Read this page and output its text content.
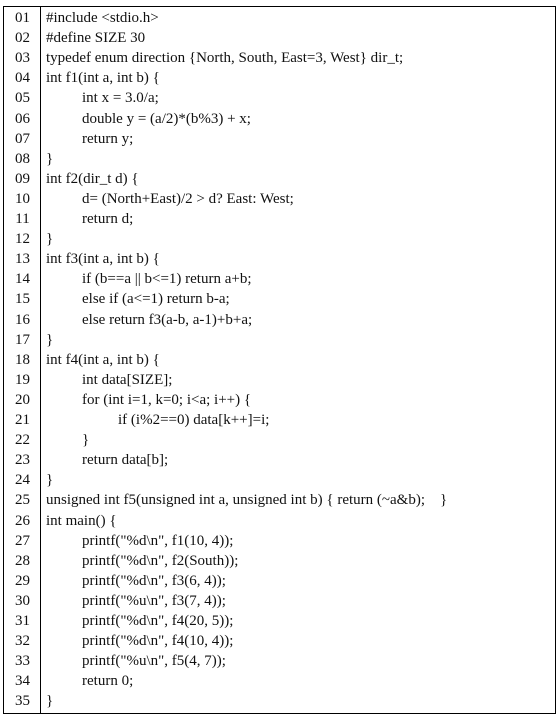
01
02
03
04
05
06
07
08
09
10
11
12
13
14
15
16
17
18
19
20
21
22
23
24
25
26
27
28
29
30
31
32
33
34
35
#include <stdio.h>
#define SIZE 30
typedef enum direction {North, South, East=3, West} dir_t;
int f1(int a, int b) {
int x = 3.0/a;
double y = (a/2)*(b%3) + x;
return y;
}
int f2(dir_t d) {
d= (North+East)/2 > d? East: West;
return d;
}
int f3(int a, int b) {
if (b==a || b<=1) return a+b;
else if (a<=1) return b-a;
else return f3(a-b, a-1)+b+a;
}
int f4(int a, int b) {
int data[SIZE];
for (int i=1, k=0; i<a; i++) {
if (i%2==0) data[k++]=i;
}
return data[b];
}
unsigned int f5(unsigned int a, unsigned int b) { return (~a&b);    }
int main() {
printf("%d\n", f1(10, 4));
printf("%d\n", f2(South));
printf("%d\n", f3(6, 4));
printf("%u\n", f3(7, 4));
printf("%d\n", f4(20, 5));
printf("%d\n", f4(10, 4));
printf("%u\n", f5(4, 7));
return 0;
}
